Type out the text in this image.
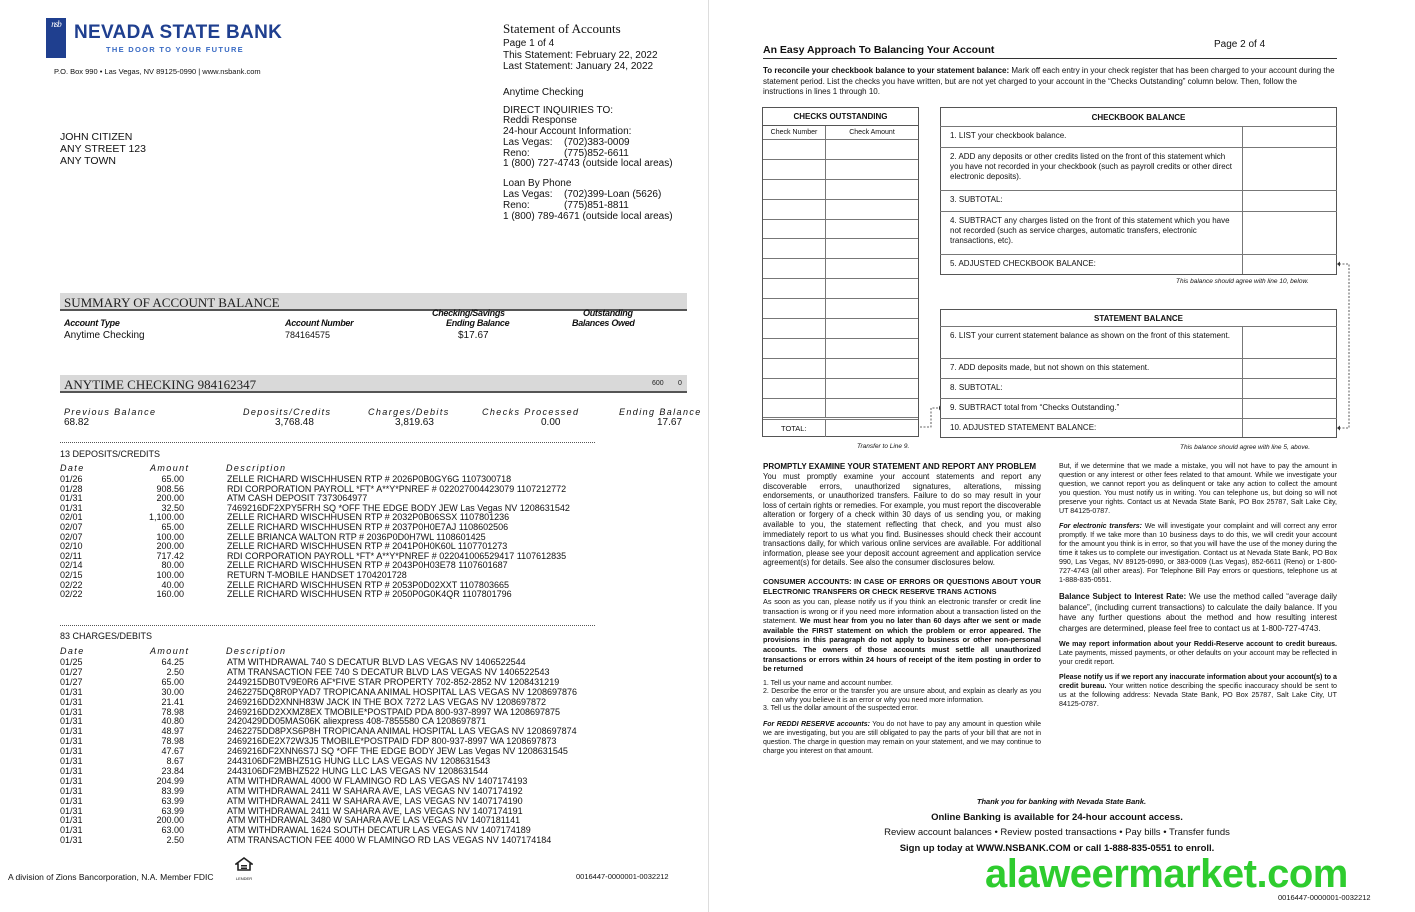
nsb NEVADA STATE BANK
THE DOOR TO YOUR FUTURE
P.O. Box 990 • Las Vegas, NV 89125-0990 | www.nsbank.com
Statement of Accounts
Page 1 of 4
This Statement: February 22, 2022
Last Statement: January 24, 2022
Anytime Checking
DIRECT INQUIRIES TO:
Reddi Response
24-hour Account Information:
Las Vegas: (702)383-0009
Reno:	(775)852-6611
1 (800) 727-4743 (outside local areas)
Loan By Phone
Las Vegas: (702)399-Loan (5626)
Reno:	(775)851-8811
1 (800) 789-4671 (outside local areas)
JOHN CITIZEN
ANY STREET 123
ANY TOWN
SUMMARY OF ACCOUNT BALANCE
Account Type	Account Number
Checking/Savings
Ending Balance
Outstanding
Balances Owed
Anytime Checking	784164575	$17.67
ANYTIME CHECKING 984162347	600 0
Previous Balance	Deposits/Credits	Charges/Debits	Checks Processed	Ending Balance
68.82	3,768.48	3,819.63	0.00	17.67
13 DEPOSITS/CREDITS
Date	Amount	Description
01/26	65.00	ZELLE RICHARD WISCHHUSEN RTP # 2026P0B0GY6G 1107300718
01/28	908.56	RDI CORPORATION PAYROLL *FT* A**Y*PNREF # 022027004423079 1107212772
01/31	200.00	ATM CASH DEPOSIT 7373064977
01/31	32.50	7469216DF2XPY5FRH SQ *OFF THE EDGE BODY JEW Las Vegas NV 1208631542
02/01	1,100.00	ZELLE RICHARD WISCHHUSEN RTP # 2032P0B06SSX 1107801236
02/07	65.00	ZELLE RICHARD WISCHHUSEN RTP # 2037P0H0E7AJ 1108602506
02/07	100.00	ZELLE BRIANCA WALTON RTP # 2036P0D0H7WL 1108601425
02/10	200.00	ZELLE RICHARD WISCHHUSEN RTP # 2041P0H0K60L 1107701273
02/11	717.42	RDI CORPORATION PAYROLL *FT* A**Y*PNREF # 022041006529417 1107612835
02/14	80.00	ZELLE RICHARD WISCHHUSEN RTP # 2043P0H03E78 1107601687
02/15	100.00	RETURN T-MOBILE HANDSET 1704201728
02/22	40.00	ZELLE RICHARD WISCHHUSEN RTP # 2053P0D02XXT 1107803665
02/22	160.00	ZELLE RICHARD WISCHHUSEN RTP # 2050P0G0K4QR 1107801796
83 CHARGES/DEBITS
Date	Amount	Description
01/25	64.25	ATM WITHDRAWAL 740 S DECATUR BLVD LAS VEGAS NV 1406522544
01/27	2.50	ATM TRANSACTION FEE 740 S DECATUR BLVD LAS VEGAS NV 1406522543
01/27	65.00	2449215DB0TV9E0R6 AF*FIVE STAR PROPERTY 702-852-2852 NV 1208431219
01/31	30.00	2462275DQ8R0PYAD7 TROPICANA ANIMAL HOSPITAL LAS VEGAS NV 1208697876
01/31	21.41	2469216DD2XNNH83W JACK IN THE BOX 7272 LAS VEGAS NV 1208697872
01/31	78.98	2469216DD2XXMZ8EX TMOBILE*POSTPAID PDA 800-937-8997 WA 1208697875
01/31	40.80	2420429DD05MAS06K aliexpress 408-7855580 CA 1208697871
01/31	48.97	2462275DD8PXS6P8H TROPICANA ANIMAL HOSPITAL LAS VEGAS NV 1208697874
01/31	78.98	2469216DE2X72W3J5 TMOBILE*POSTPAID FDP 800-937-8997 WA 1208697873
01/31	47.67	2469216DF2XNN6S7J SQ *OFF THE EDGE BODY JEW Las Vegas NV 1208631545
01/31	8.67	2443106DF2MBHZ51G HUNG LLC LAS VEGAS NV 1208631543
01/31	23.84	2443106DF2MBHZ522 HUNG LLC LAS VEGAS NV 1208631544
01/31	204.99	ATM WITHDRAWAL 4000 W FLAMINGO RD LAS VEGAS NV 1407174193
01/31	83.99	ATM WITHDRAWAL 2411 W SAHARA AVE, LAS VEGAS NV 1407174192
01/31	63.99	ATM WITHDRAWAL 2411 W SAHARA AVE, LAS VEGAS NV 1407174190
01/31	63.99	ATM WITHDRAWAL 2411 W SAHARA AVE, LAS VEGAS NV 1407174191
01/31	200.00	ATM WITHDRAWAL 3480 W SAHARA AVE LAS VEGAS NV 1407181141
01/31	63.00	ATM WITHDRAWAL 1624 SOUTH DECATUR LAS VEGAS NV 1407174189
01/31	2.50	ATM TRANSACTION FEE 4000 W FLAMINGO RD LAS VEGAS NV 1407174184
A division of Zions Bancorporation, N.A. Member FDIC	LENDER	0016447-0000001-0032212
Page 2 of 4
An Easy Approach To Balancing Your Account
To reconcile your checkbook balance to your statement balance: Mark off each entry in your check register that has been charged to your account during the statement period. List the checks you have written, but are not yet charged to your account in the “Checks Outstanding” column below. Then, follow the instructions in lines 1 through 10.
CHECKS OUTSTANDING
Check Number	Check Amount
TOTAL:
Transfer to Line 9.
CHECKBOOK BALANCE
1. LIST your checkbook balance.
2. ADD any deposits or other credits listed on the front of this statement which you have not recorded in your checkbook (such as payroll credits or other direct electronic deposits).
3. SUBTOTAL:
4. SUBTRACT any charges listed on the front of this statement which you have not recorded (such as service charges, automatic transfers, electronic transactions, etc).
5. ADJUSTED CHECKBOOK BALANCE:
This balance should agree with line 10, below.
STATEMENT BALANCE
6. LIST your current statement balance as shown on the front of this statement.
7. ADD deposits made, but not shown on this statement.
8. SUBTOTAL:
9. SUBTRACT total from “Checks Outstanding.”
10. ADJUSTED STATEMENT BALANCE:
This balance should agree with line 5, above.
PROMPTLY EXAMINE YOUR STATEMENT AND REPORT ANY PROBLEM
You must promptly examine your account statements and report any discoverable errors, unauthorized signatures, alterations, missing endorsements, or unauthorized transfers. Failure to do so may result in your loss of certain rights or remedies. For example, you must report the discoverable alteration or forgery of a check within 30 days of us sending you, or making available to you, the statement reflecting that check, and you must also immediately report to us what you find. Businesses should check their account transactions daily, for which various online services are available. For additional information, please see your deposit account agreement and application service agreement(s) for details. See also the consumer disclosures below.
CONSUMER ACCOUNTS: IN CASE OF ERRORS OR QUESTIONS ABOUT YOUR ELECTRONIC TRANSFERS OR CHECK RESERVE TRANS ACTIONS
As soon as you can, please notify us if you think an electronic transfer or credit line transaction is wrong or if you need more information about a transaction listed on the statement. We must hear from you no later than 60 days after we sent or made available the FIRST statement on which the problem or error appeared. The provisions in this paragraph do not apply to business or other non-personal accounts. The owners of those accounts must settle all unauthorized transactions or errors within 24 hours of receipt of the item posting in order to be returned
1. Tell us your name and account number.
2. Describe the error or the transfer you are unsure about, and explain as clearly as you can why you believe it is an error or why you need more information.
3. Tell us the dollar amount of the suspected error.
For REDDI RESERVE accounts: You do not have to pay any amount in question while we are investigating, but you are still obligated to pay the parts of your bill that are not in question. The charge in question may remain on your statement, and we may continue to charge you interest on that amount.
But, if we determine that we made a mistake, you will not have to pay the amount in question or any interest or other fees related to that amount. While we investigate your question, we cannot report you as delinquent or take any action to collect the amount you question. You must notify us in writing. You can telephone us, but doing so will not preserve your rights. Contact us at Nevada State Bank, PO Box 25787, Salt Lake City, UT 84125-0787.
For electronic transfers: We will investigate your complaint and will correct any error promptly. If we take more than 10 business days to do this, we will credit your account for the amount you think is in error, so that you will have the use of the money during the time it takes us to complete our investigation. Contact us at Nevada State Bank, PO Box 990, Las Vegas, NV 89125-0990, or 383-0009 (Las Vegas), 852-6611 (Reno) or 1-800-727-4743 (all other areas). For Telephone Bill Pay errors or questions, telephone us at 1-888-835-0551.
Balance Subject to Interest Rate: We use the method called “average daily balance”, (including current transactions) to calculate the daily balance. If you have any further questions about the method and how resulting interest charges are determined, please feel free to contact us at 1-800-727-4743.
We may report information about your Reddi-Reserve account to credit bureaus. Late payments, missed payments, or other defaults on your account may be reflected in your credit report.
Please notify us if we report any inaccurate information about your account(s) to a credit bureau. Your written notice describing the specific inaccuracy should be sent to us at the following address: Nevada State Bank, PO Box 25787, Salt Lake City, UT 84125-0787.
Thank you for banking with Nevada State Bank.
Online Banking is available for 24-hour account access.
Review account balances • Review posted transactions • Pay bills • Transfer funds
Sign up today at WWW.NSBANK.COM or call 1-888-835-0551 to enroll.
alaweermarket.com
0016447-0000001-0032212
